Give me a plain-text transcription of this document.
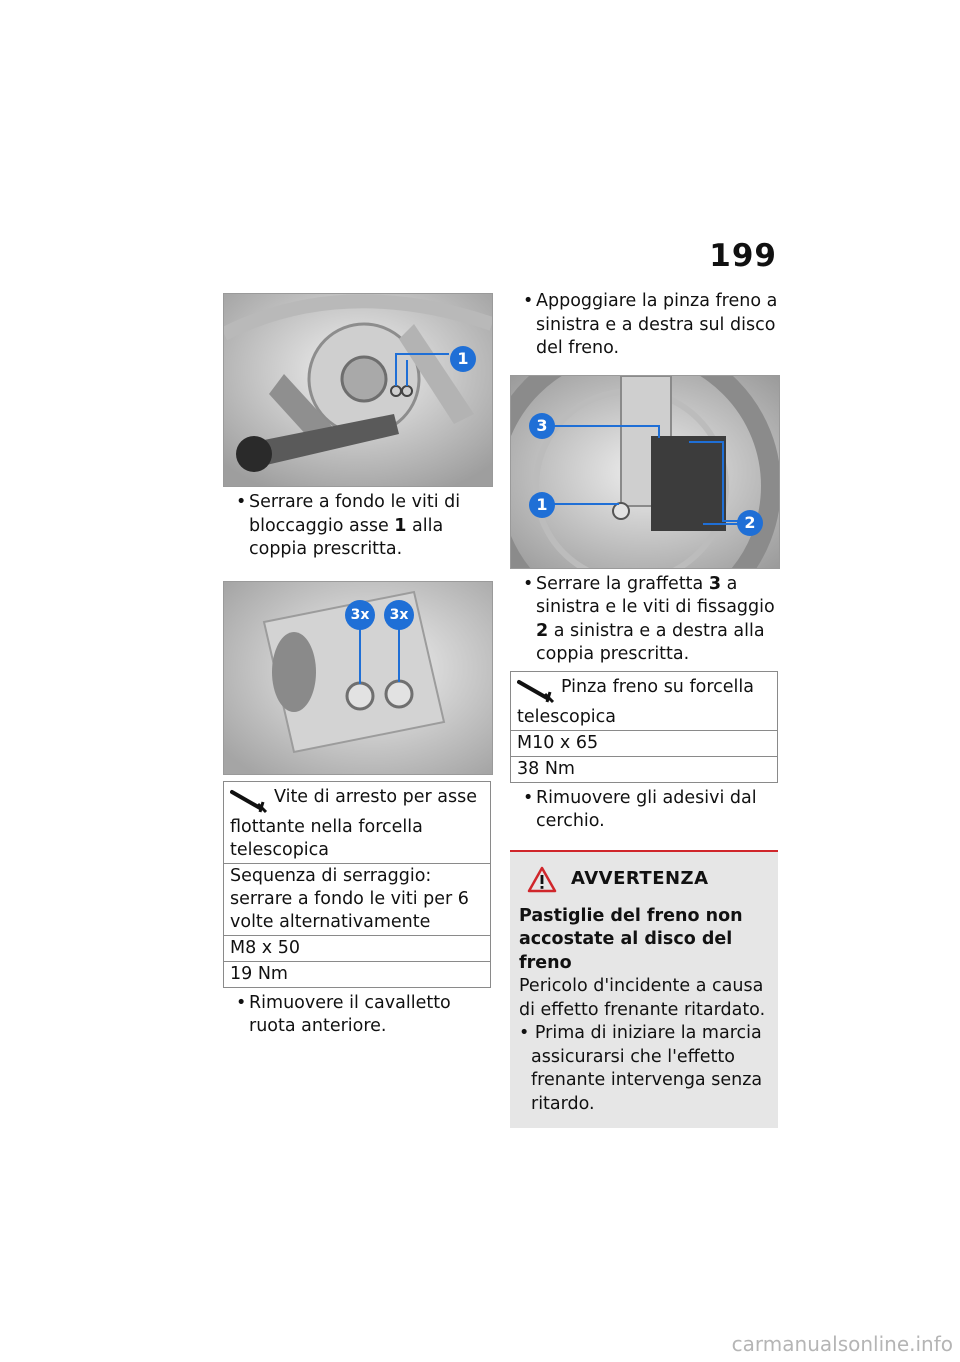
199
1
• Serrare a fondo le viti di bloccaggio asse 1 alla coppia prescritta.
3x	3x
Vite di arresto per asse flottante nella forcella telescopica
Sequenza di serraggio: serrare a fondo le viti per 6 volte alternativamente
M8 x 50
19 Nm
• Rimuovere il cavalletto ruota anteriore.
• Appoggiare la pinza freno a sinistra e a destra sul disco del freno.
3
1
2
• Serrare la graffetta 3 a sinistra e le viti di fissaggio 2 a sinistra e a destra alla coppia prescritta.
Pinza freno su forcella telescopica
M10 x 65
38 Nm
• Rimuovere gli adesivi dal cerchio.
AVVERTENZA
Pastiglie del freno non accostate al disco del freno
Pericolo d'incidente a causa di effetto frenante ritardato.
• Prima di iniziare la marcia assicurarsi che l'effetto frenante intervenga senza ritardo.
carmanualsonline.info
